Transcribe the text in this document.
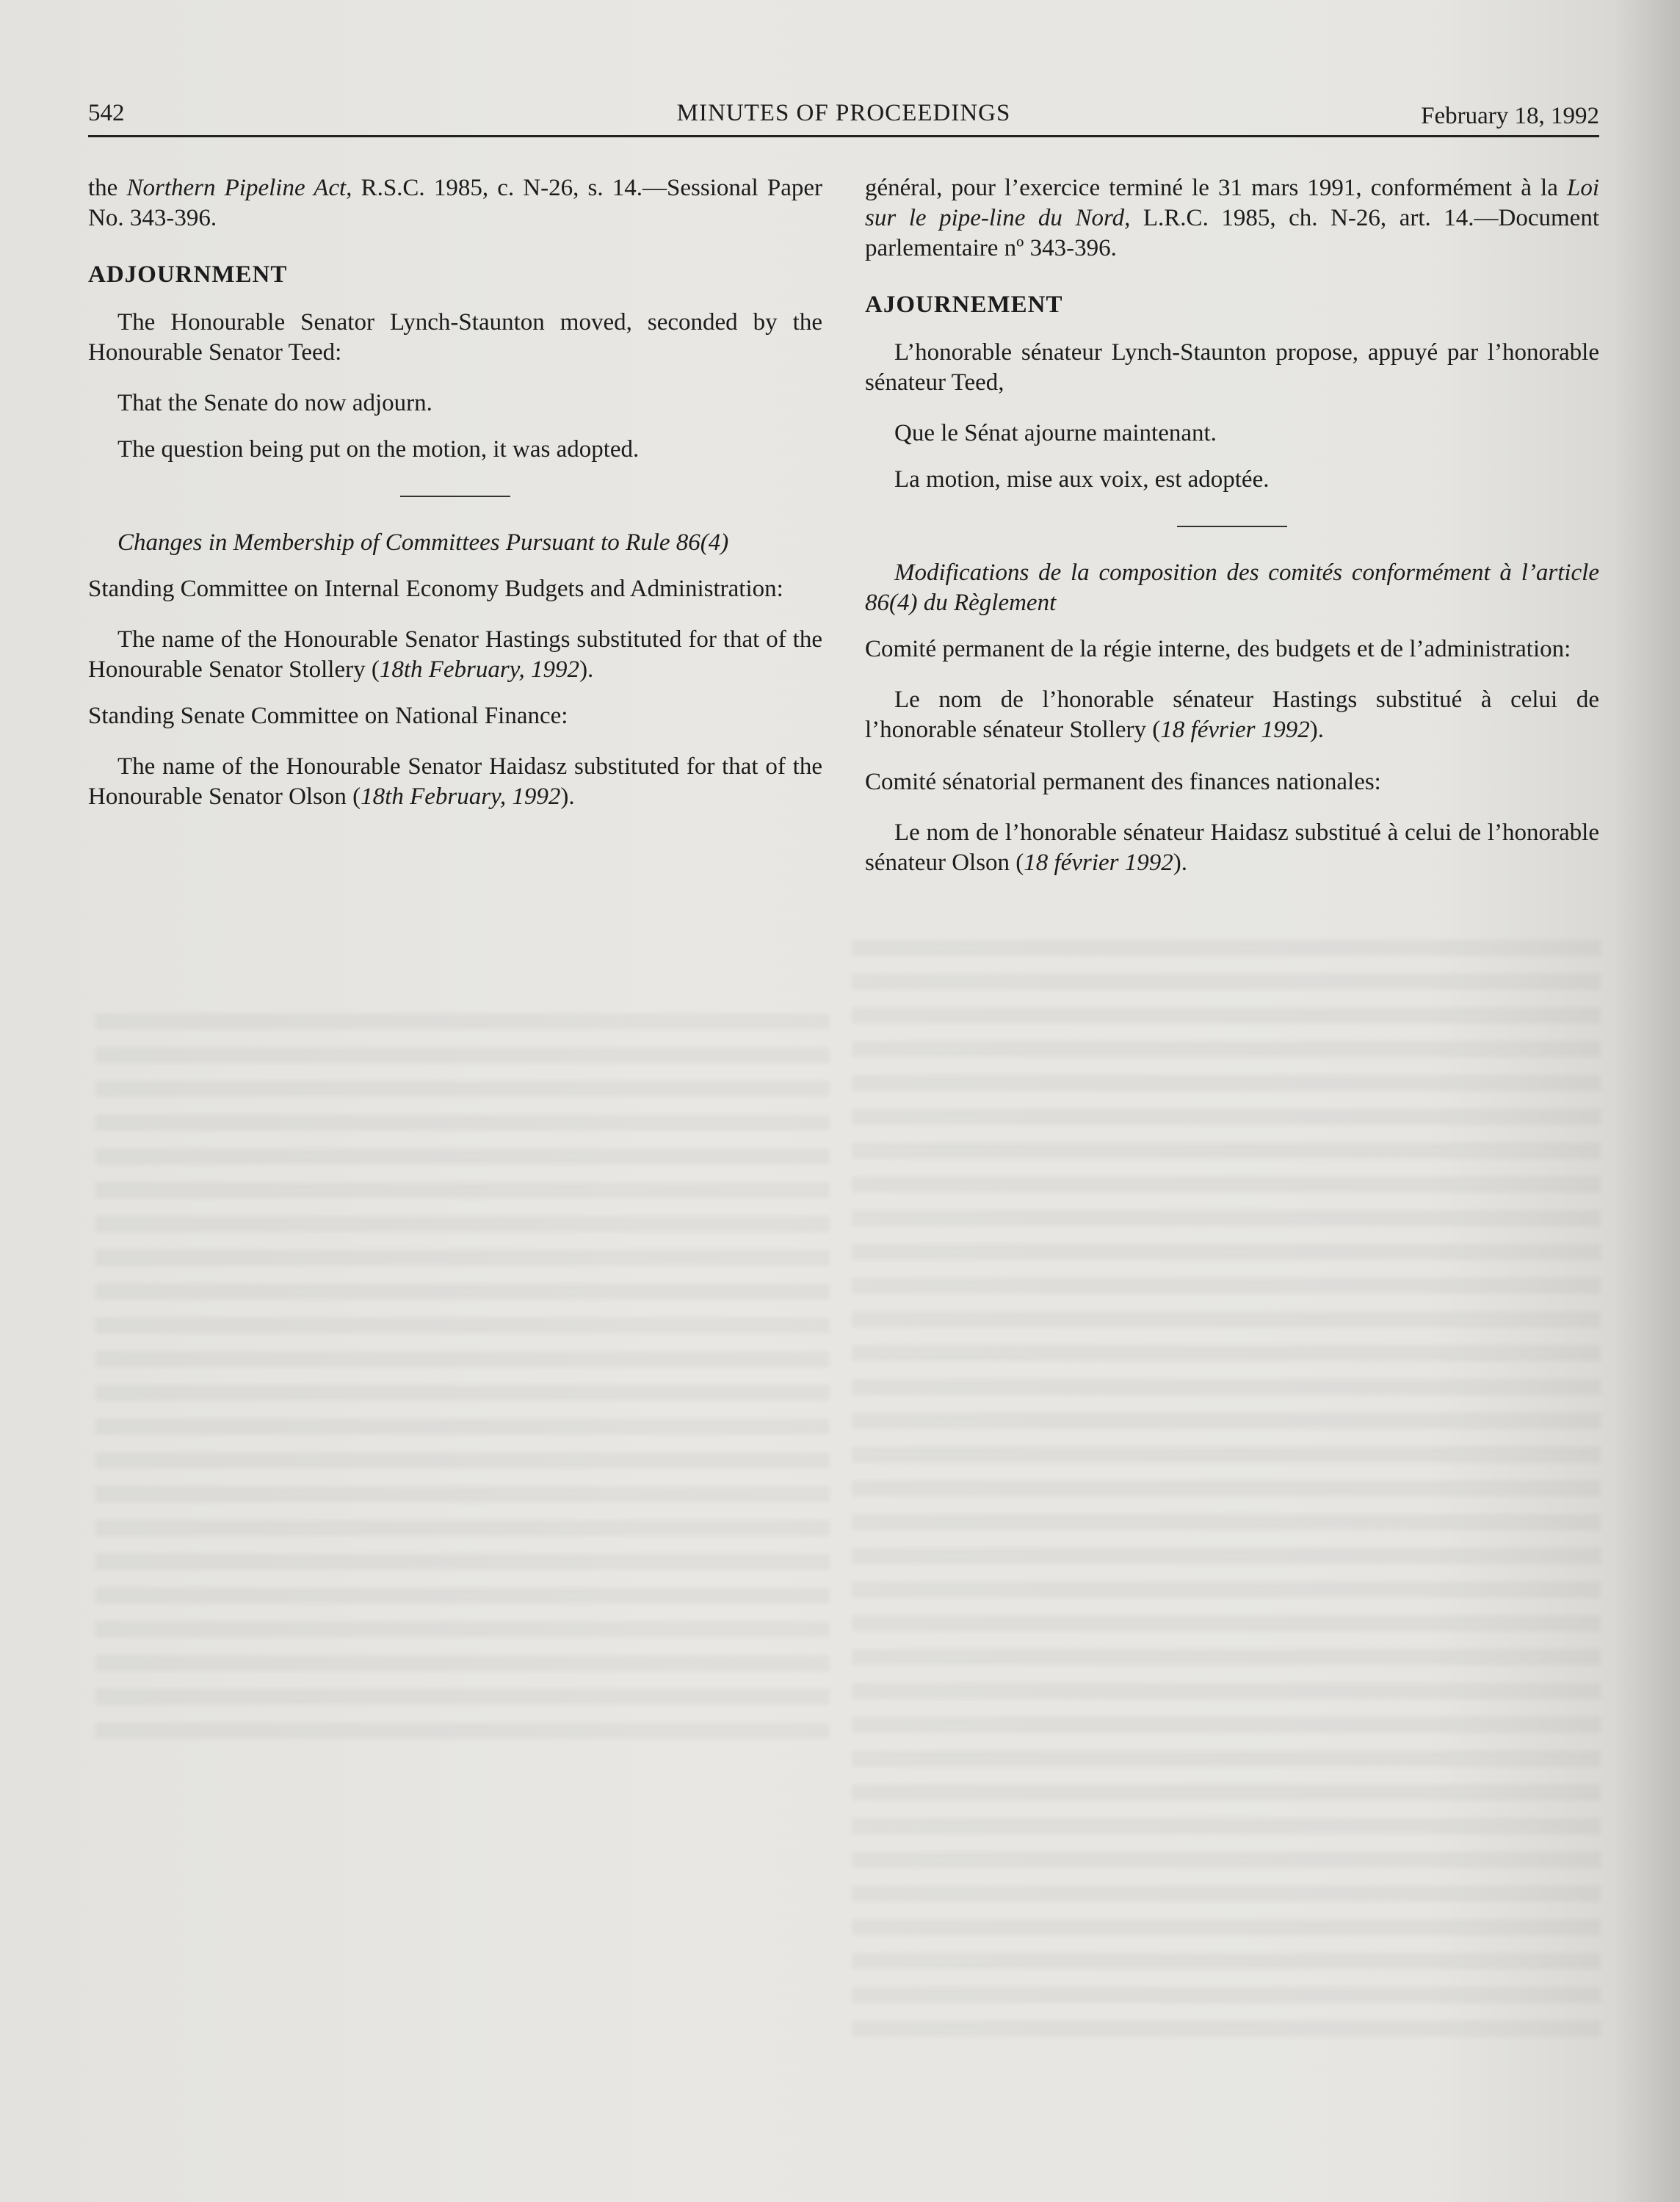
542	MINUTES OF PROCEEDINGS	February 18, 1992

the Northern Pipeline Act, R.S.C. 1985, c. N-26, s. 14.—Sessional Paper No. 343-396.

ADJOURNMENT

The Honourable Senator Lynch-Staunton moved, seconded by the Honourable Senator Teed:

That the Senate do now adjourn.

The question being put on the motion, it was adopted.

Changes in Membership of Committees Pursuant to Rule 86(4)

Standing Committee on Internal Economy Budgets and Administration:

The name of the Honourable Senator Hastings substituted for that of the Honourable Senator Stollery (18th February, 1992).

Standing Senate Committee on National Finance:

The name of the Honourable Senator Haidasz substituted for that of the Honourable Senator Olson (18th February, 1992).

général, pour l’exercice terminé le 31 mars 1991, conformément à la Loi sur le pipe-line du Nord, L.R.C. 1985, ch. N-26, art. 14.—Document parlementaire nº 343-396.

AJOURNEMENT

L’honorable sénateur Lynch-Staunton propose, appuyé par l’honorable sénateur Teed,

Que le Sénat ajourne maintenant.

La motion, mise aux voix, est adoptée.

Modifications de la composition des comités conformément à l’article 86(4) du Règlement

Comité permanent de la régie interne, des budgets et de l’administration:

Le nom de l’honorable sénateur Hastings substitué à celui de l’honorable sénateur Stollery (18 février 1992).

Comité sénatorial permanent des finances nationales:

Le nom de l’honorable sénateur Haidasz substitué à celui de l’honorable sénateur Olson (18 février 1992).
